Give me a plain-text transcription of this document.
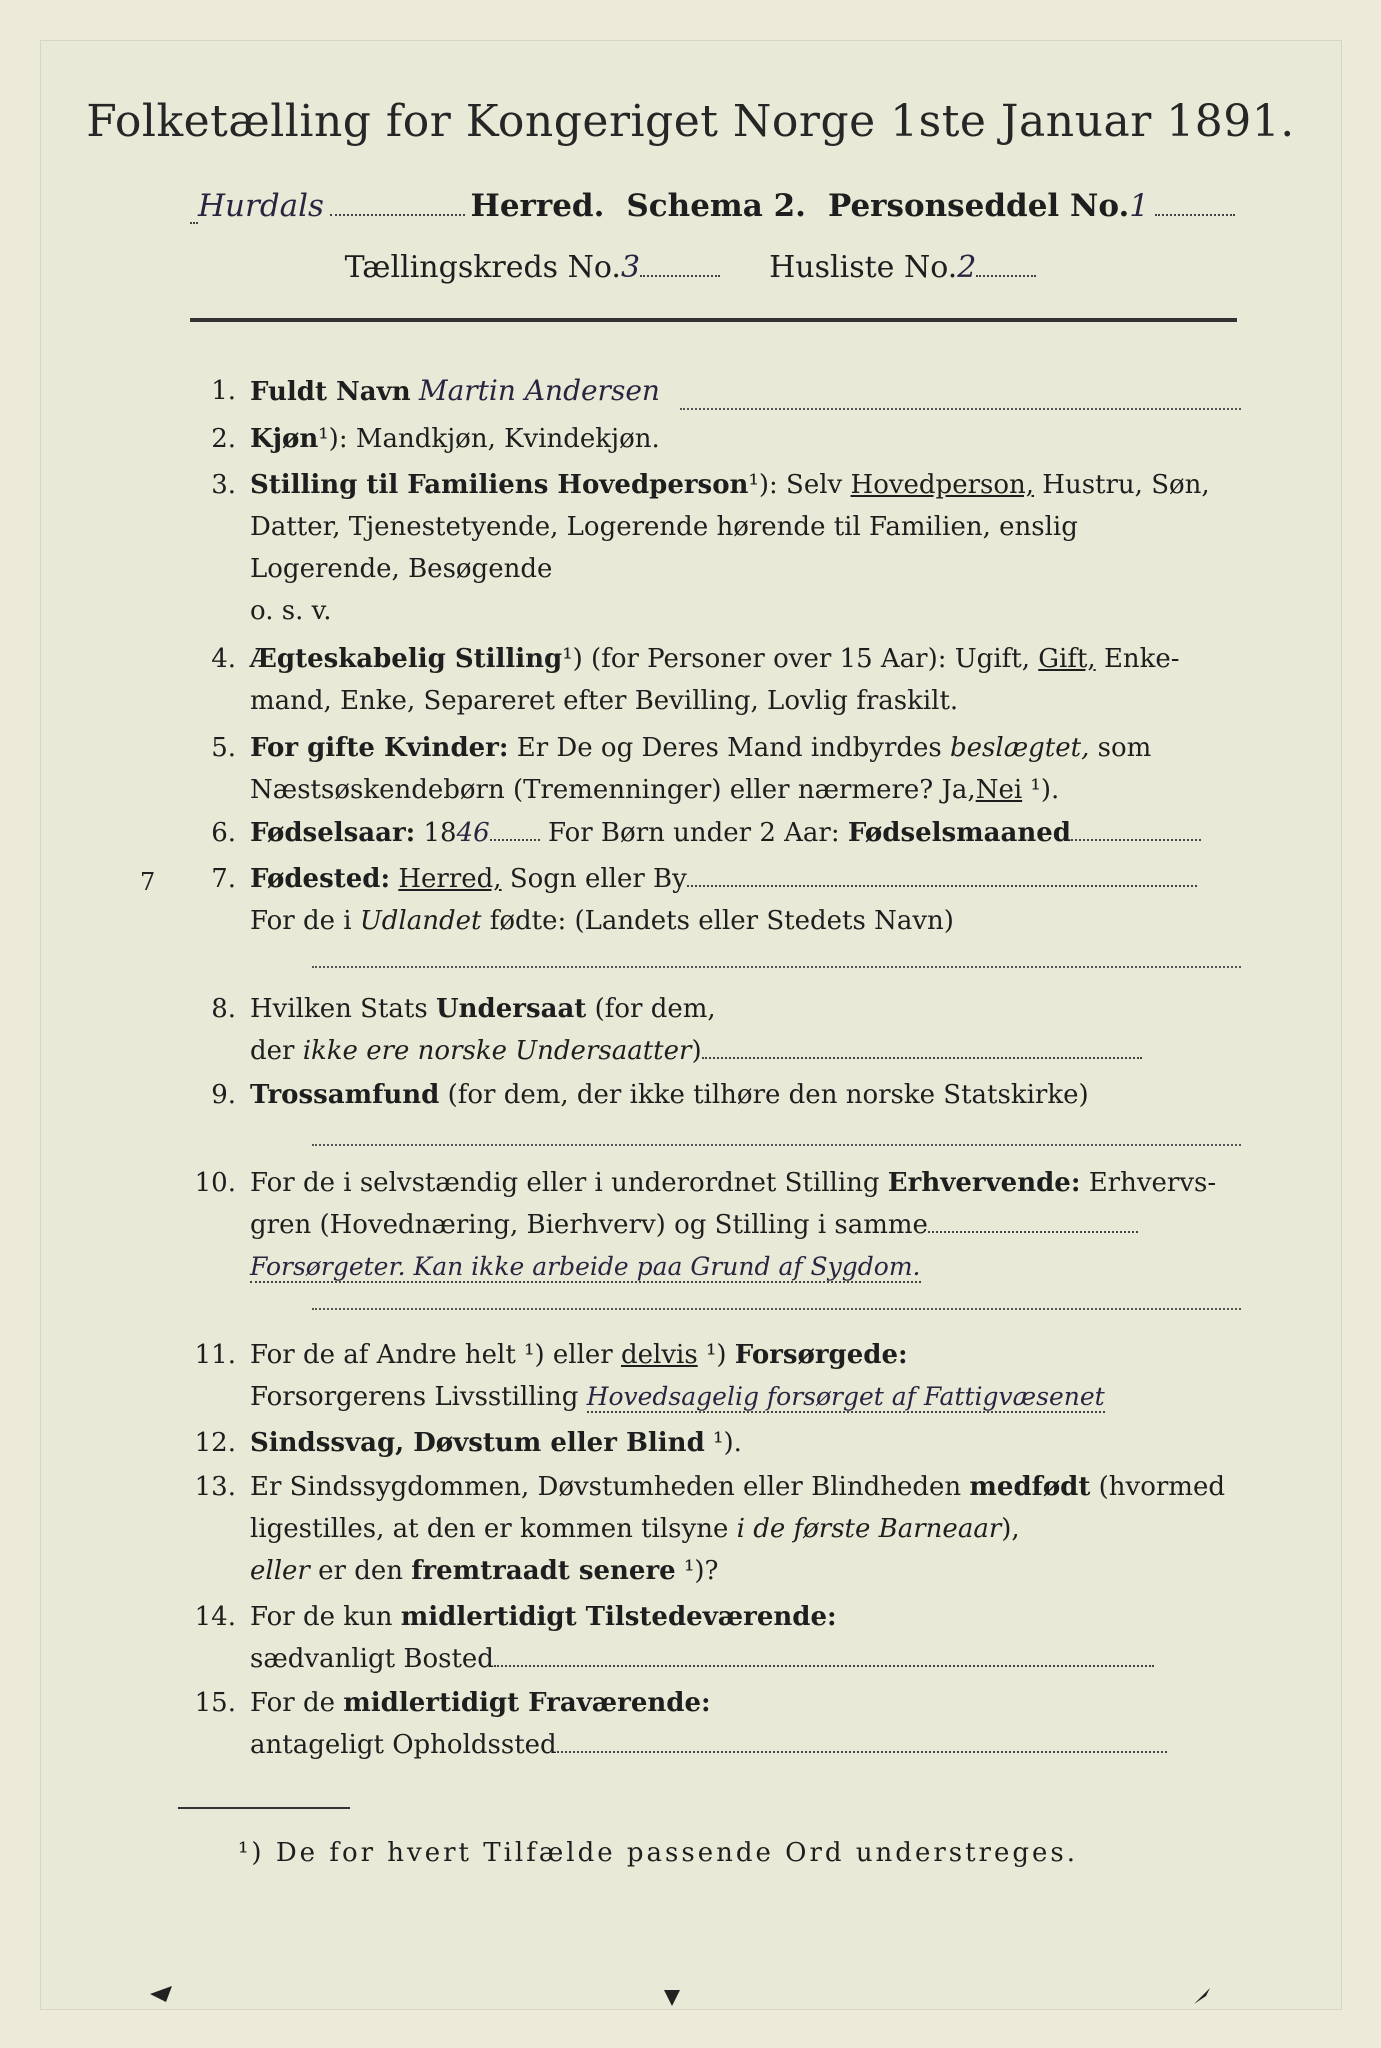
Folketælling for Kongeriget Norge 1ste Januar 1891.
Hurdals	Herred. Schema 2. Personseddel No. 1
Tællingskreds No.3	Husliste No.2
1. Fuldt Navn Martin Andersen
2. Kjøn¹): Mandkjøn, Kvindekjøn.
3. Stilling til Familiens Hovedperson¹): Selv Hovedperson, Hustru, Søn,
Datter, Tjenestetyende, Logerende hørende til Familien, enslig
Logerende, Besøgende
o. s. v.
4. Ægteskabelig Stilling¹) (for Personer over 15 Aar): Ugift, Gift, Enke-
mand, Enke, Separeret efter Bevilling, Lovlig fraskilt.
5. For gifte Kvinder: Er De og Deres Mand indbyrdes beslægtet, som
Næstsøskendebørn (Tremenninger) eller nærmere? Ja,Nei ¹).
6. Fødselsaar: 1846 For Børn under 2 Aar: Fødselsmaaned
7. Fødested: Herred, Sogn eller By
For de i Udlandet fødte: (Landets eller Stedets Navn)
7
8. Hvilken Stats Undersaat (for dem,
der ikke ere norske Undersaatter)
9. Trossamfund (for dem, der ikke tilhøre den norske Statskirke)
10. For de i selvstændig eller i underordnet Stilling Erhvervende: Erhvervs-
gren (Hovednæring, Bierhverv) og Stilling i samme
Forsørgeter. Kan ikke arbeide paa Grund af Sygdom.
11. For de af Andre helt ¹) eller delvis ¹) Forsørgede:
Forsorgerens Livsstilling Hovedsagelig forsørget af Fattigvæsenet
12. Sindssvag, Døvstum eller Blind ¹).
13. Er Sindssygdommen, Døvstumheden eller Blindheden medfødt (hvormed
ligestilles, at den er kommen tilsyne i de første Barneaar),
eller er den fremtraadt senere ¹)?
14. For de kun midlertidigt Tilstedeværende:
sædvanligt Bosted
15. For de midlertidigt Fraværende:
antageligt Opholdssted
¹) De for hvert Tilfælde passende Ord understreges.
